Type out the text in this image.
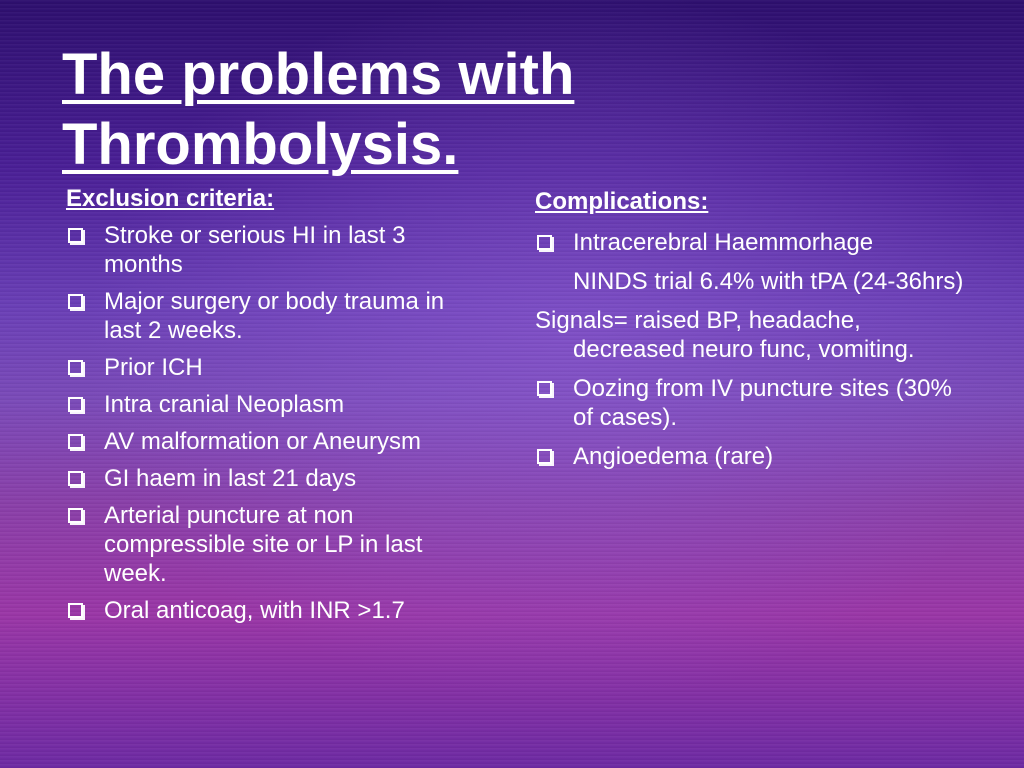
The problems with Thrombolysis.
Exclusion criteria:
Stroke or serious HI in last 3 months
Major surgery or body trauma in last 2 weeks.
Prior ICH
Intra cranial Neoplasm
AV malformation or Aneurysm
GI haem in last 21 days
Arterial puncture at non compressible site or LP in last week.
Oral anticoag, with INR >1.7
Complications:
Intracerebral Haemmorhage
NINDS trial 6.4% with tPA (24-36hrs)
Signals= raised BP, headache, decreased neuro func, vomiting.
Oozing from IV puncture sites (30% of cases).
Angioedema (rare)
